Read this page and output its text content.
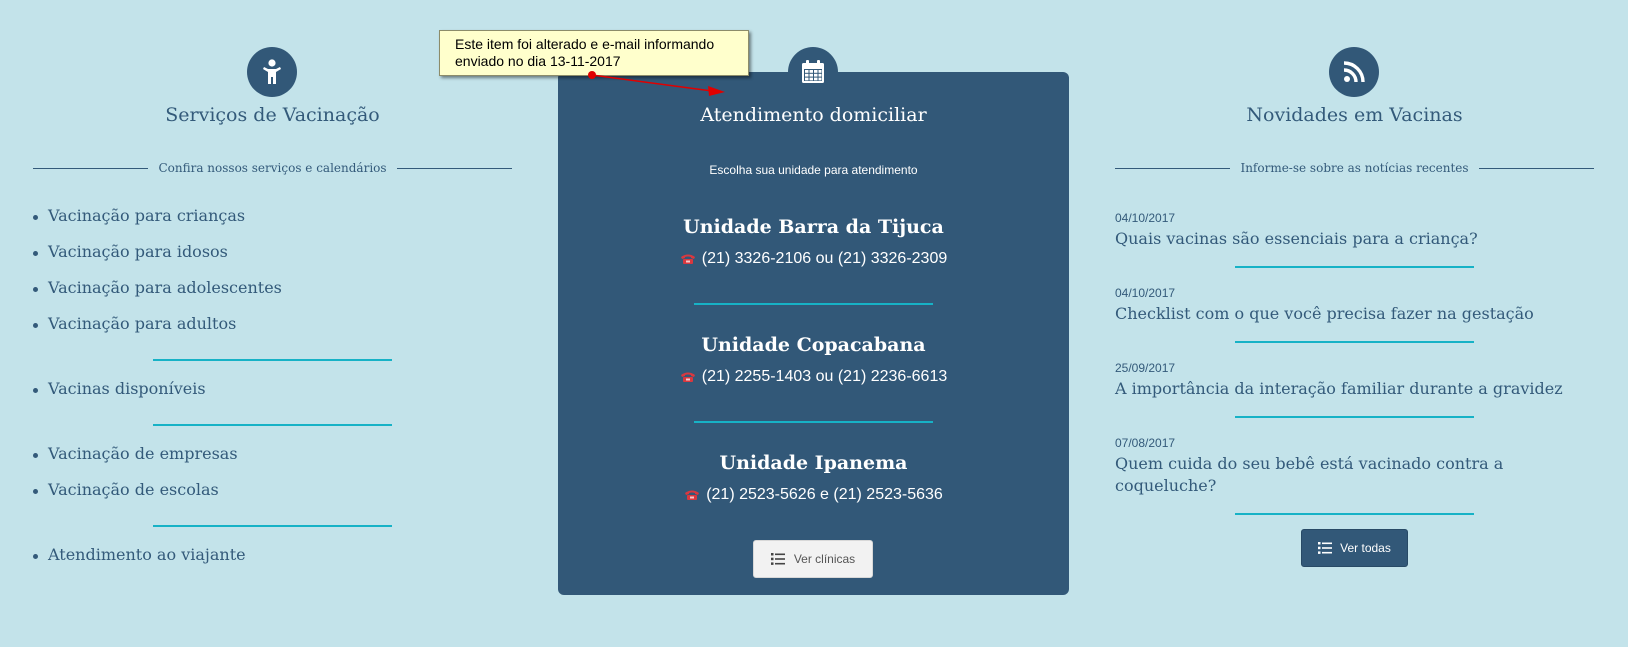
Serviços de Vacinação
Confira nossos serviços e calendários
Vacinação para crianças
Vacinação para idosos
Vacinação para adolescentes
Vacinação para adultos
Vacinas disponíveis
Vacinação de empresas
Vacinação de escolas
Atendimento ao viajante
Atendimento domiciliar
Escolha sua unidade para atendimento
Unidade Barra da Tijuca
(21) 3326-2106 ou (21) 3326-2309
Unidade Copacabana
(21) 2255-1403 ou (21) 2236-6613
Unidade Ipanema
(21) 2523-5626 e (21) 2523-5636
Ver clínicas
Novidades em Vacinas
Informe-se sobre as notícias recentes
04/10/2017
Quais vacinas são essenciais para a criança?
04/10/2017
Checklist com o que você precisa fazer na gestação
25/09/2017
A importância da interação familiar durante a gravidez
07/08/2017
Quem cuida do seu bebê está vacinado contra a coqueluche?
Ver todas
Este item foi alterado e e-mail informando enviado no dia 13-11-2017
